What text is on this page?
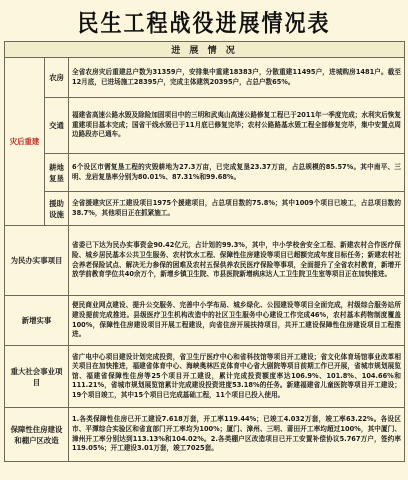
民生工程战役进展情况表
进 展 情 况		
灾后重建	农房	全省农房灾后重建总户数为31359户，安排集中重建18383户，分散重建11495户，进城购房1481户。截至12月底，已进场施工28395户，完成主体建筑20395户，占总户数65%。
	交通	福建省高速公路水毁及除险加固项目中的三明和武夷山高速公路修复工程已于2011年一季度完成；水利灾后恢复重建项目基本完成；国省干线水毁已于11月底已修复完毕；农村公路路基水毁工程全部修复完毕，集中安置点周边路段亦已通车。
	耕地复垦	6个设区市需复垦工程的灾毁耕地为27.3万亩，已完成复垦23.37万亩，占总规模的85.57%。其中南平、三明、龙岩复垦率分别为80.01%、87.31%和99.68%。
	援助设施	全省援建灾区开工建设项目1975个援建项目，占总项目数的75.8%；其中1009个项目已竣工，占总项目数的38.7%，其他项目正在抓紧施工。
为民办实事项目		省委已下达为民办实事资金90.42亿元，占计划的99.3%，其中，中小学校舍安全工程、新建农村合作医疗保险、城乡居民基本公共卫生服务、农村饮水工程、保障性住房建设等项目已超额完成年度目标任务；新建农村社会养老保险试点、解决无力参保的困难及农村五保供养农民医疗保险等事项，全面提升了全省农村教育，新增开放学前教育学位共40余万个，新增乡镇卫生院、市县医院新增病床达人工卫生院卫生室等项目正在加快推进。
新增实事		便民商业网点建设、提升公交服务、完善中小学布局、城乡绿化、公园建设等项目全面完成，村级综合服务站所建设提前完成推进。县级医疗卫生机构改造中的社区卫生服务中心建设工作完成46%，农村基本药物制度覆盖100%，保障性住房建设项目开展工程建设，向省住房开展扶持项目，共开工建设保障性住房建设项目工程推进。
重大社会事业项目		省广电中心项目建设计划完成投资，省卫生厅医疗中心和省科技馆等项目开工建设；省文化体育场馆事业改革相关项目在加快推进，福建省体育中心、海峡奥林匹克体育中心省大剧院等项目前期工作已开展，省城市规划展览馆、福建省保障性住房等25个项目开工建设，累计完成投资额度率达106.9%、101.8%、104.66%和111.21%，省城市规划展览馆累计完成建设投资进度53.18%的任务。新建福建省儿童医院等项目开工建设；19个项目竣工，其中15个项目已完成基础工程，11个项目已投入使用。
保障性住房建设和棚户区改造		1.各类保障性住房已开工建设7.618万套，开工率119.44%；已竣工4.032万套，竣工率63.22%。各设区市、平潭综合实验区和省直部门开工率均为100%；厦门、漳州、三明、莆田开工率均超过100%，其中厦门、漳州开工率分别达到113.13%和104.02%。2.各类棚户区改造项目已开工安置补偿协议5.767万户，签约率119.05%；开工建设3.01万套，竣工7025套。
